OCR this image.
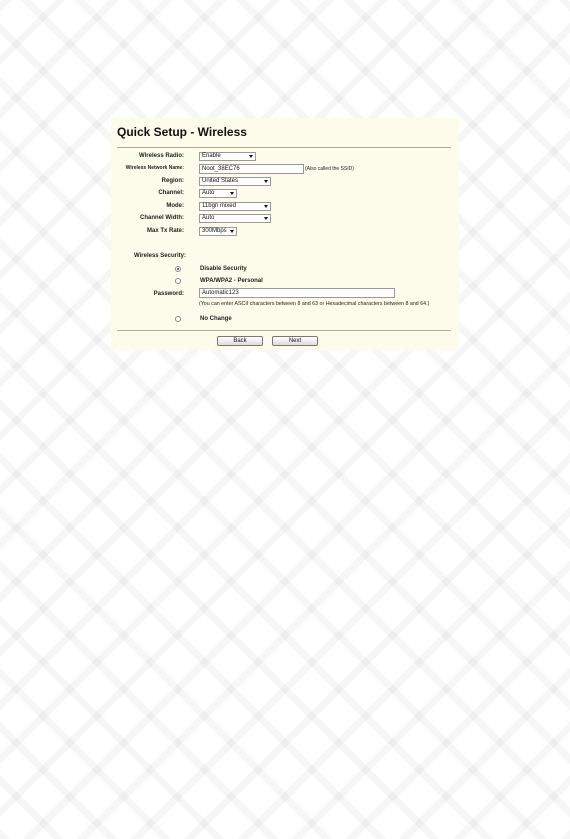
Quick Setup - Wireless
Wireless Radio:	Enable
Wireless Network Name:	Noot_38EC76	(Also called the SSID)
Region:	United States
Channel:	Auto
Mode:	11bgn mixed
Channel Width:	Auto
Max Tx Rate:	300Mbps
Wireless Security:
Disable Security
WPA/WPA2 - Personal
Password:	Automatic123
(You can enter ASCII characters between 8 and 63 or Hexadecimal characters between 8 and 64.)
No Change
Back	Next
